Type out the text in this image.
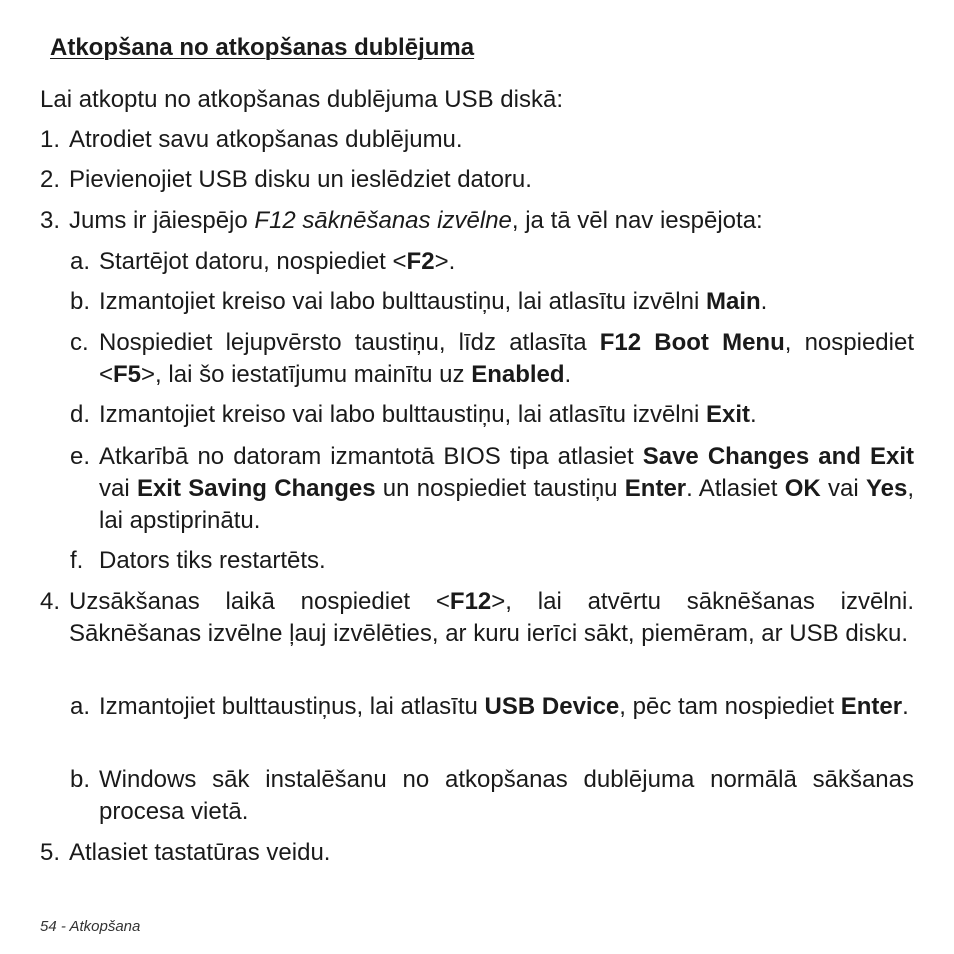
Atkopšana no atkopšanas dublējuma
Lai atkoptu no atkopšanas dublējuma USB diskā:
1. Atrodiet savu atkopšanas dublējumu.
2. Pievienojiet USB disku un ieslēdziet datoru.
3. Jums ir jāiespējo F12 sāknēšanas izvēlne, ja tā vēl nav iespējota:
a. Startējot datoru, nospiediet <F2>.
b. Izmantojiet kreiso vai labo bulttaustiņu, lai atlasītu izvēlni Main.
c. Nospiediet lejupvērsto taustiņu, līdz atlasīta F12 Boot Menu, nospiediet <F5>, lai šo iestatījumu mainītu uz Enabled.
d. Izmantojiet kreiso vai labo bulttaustiņu, lai atlasītu izvēlni Exit.
e. Atkarībā no datoram izmantotā BIOS tipa atlasiet Save Changes and Exit vai Exit Saving Changes un nospiediet taustiņu Enter. Atlasiet OK vai Yes, lai apstiprinātu.
f. Dators tiks restartēts.
4. Uzsākšanas laikā nospiediet <F12>, lai atvērtu sāknēšanas izvēlni. Sāknēšanas izvēlne ļauj izvēlēties, ar kuru ierīci sākt, piemēram, ar USB disku.
a. Izmantojiet bulttaustiņus, lai atlasītu USB Device, pēc tam nospiediet Enter.
b. Windows sāk instalēšanu no atkopšanas dublējuma normālā sākšanas procesa vietā.
5. Atlasiet tastatūras veidu.
54 - Atkopšana
